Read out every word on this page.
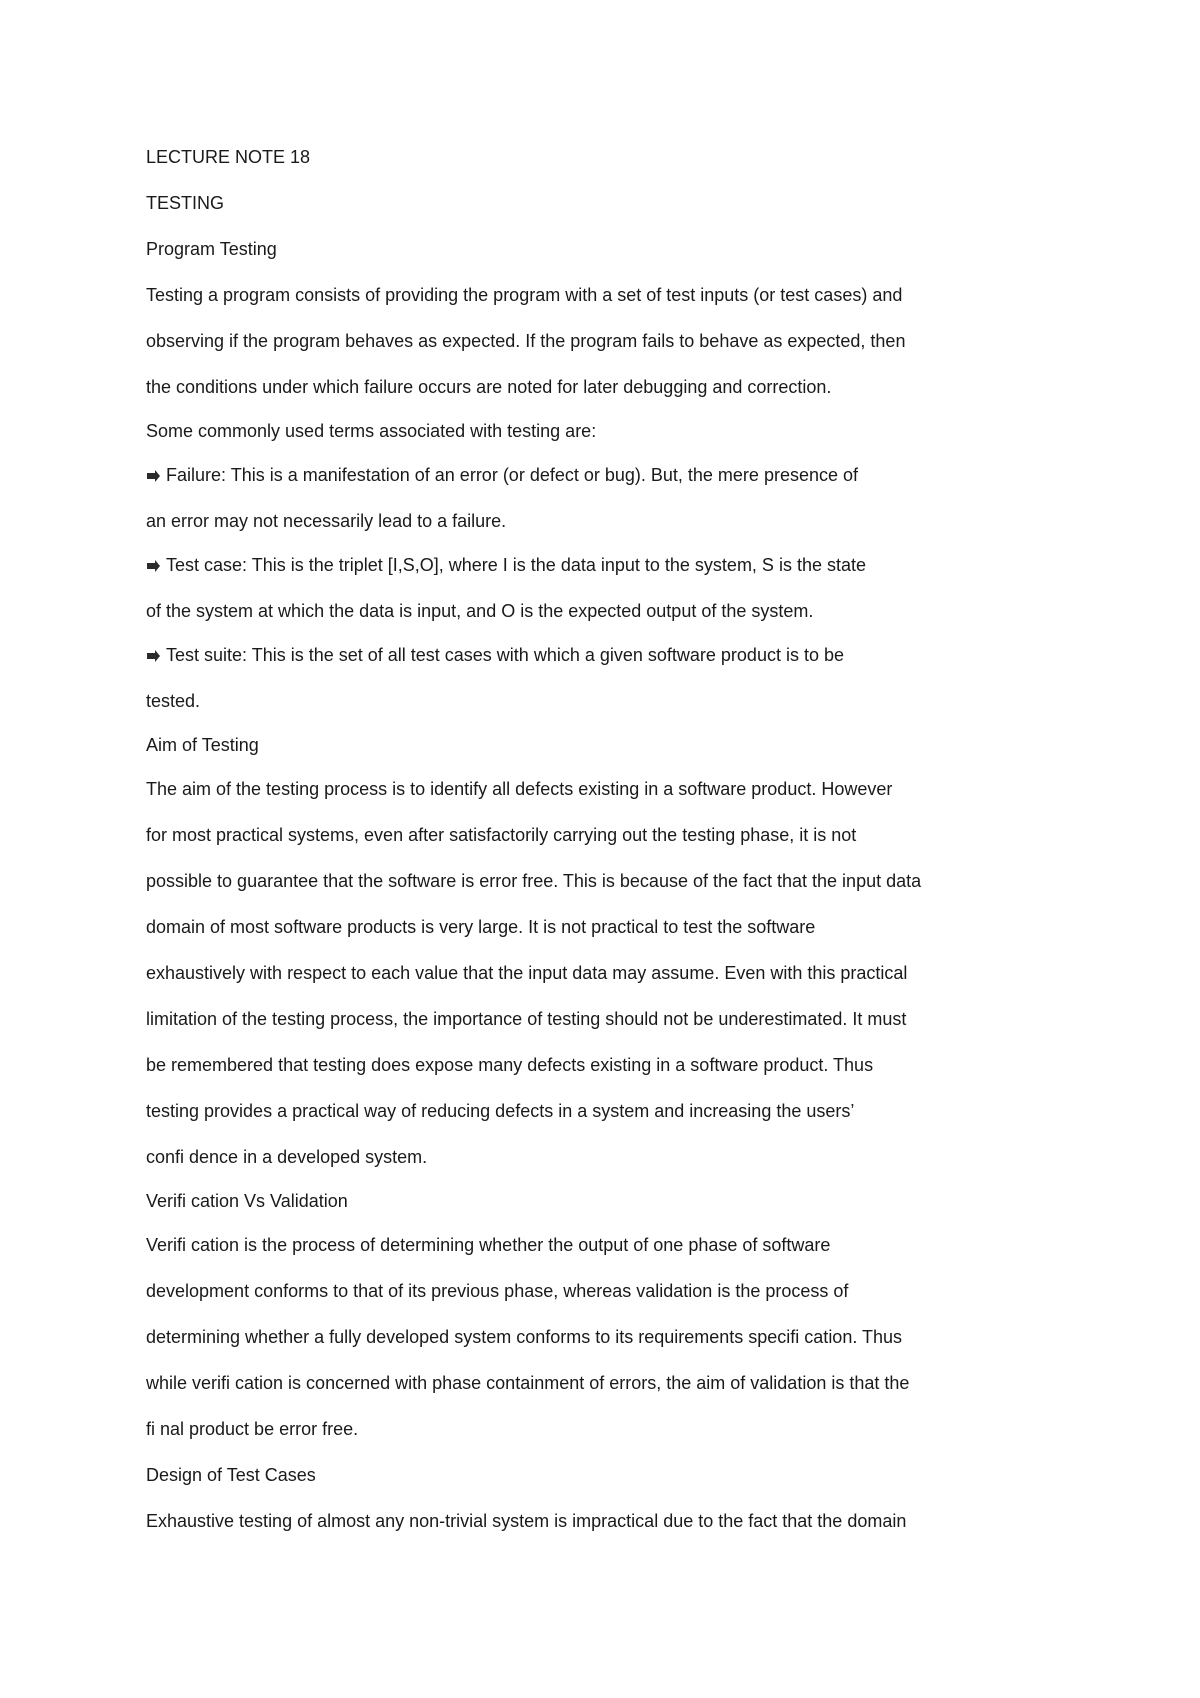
LECTURE NOTE 18
TESTING
Program Testing
Testing a program consists of providing the program with a set of test inputs (or test cases) and
observing if the program behaves as expected. If the program fails to behave as expected, then
the conditions under which failure occurs are noted for later debugging and correction.
Some commonly used terms associated with testing are:
Failure: This is a manifestation of an error (or defect or bug). But, the mere presence of
an error may not necessarily lead to a failure.
Test case: This is the triplet [I,S,O], where I is the data input to the system, S is the state
of the system at which the data is input, and O is the expected output of the system.
Test suite: This is the set of all test cases with which a given software product is to be
tested.
Aim of Testing
The aim of the testing process is to identify all defects existing in a software product. However
for most practical systems, even after satisfactorily carrying out the testing phase, it is not
possible to guarantee that the software is error free. This is because of the fact that the input data
domain of most software products is very large. It is not practical to test the software
exhaustively with respect to each value that the input data may assume. Even with this practical
limitation of the testing process, the importance of testing should not be underestimated. It must
be remembered that testing does expose many defects existing in a software product. Thus
testing provides a practical way of reducing defects in a system and increasing the users’
confi dence in a developed system.
Verifi cation Vs Validation
Verifi cation is the process of determining whether the output of one phase of software
development conforms to that of its previous phase, whereas validation is the process of
determining whether a fully developed system conforms to its requirements specifi cation. Thus
while verifi cation is concerned with phase containment of errors, the aim of validation is that the
fi nal product be error free.
Design of Test Cases
Exhaustive testing of almost any non-trivial system is impractical due to the fact that the domain
